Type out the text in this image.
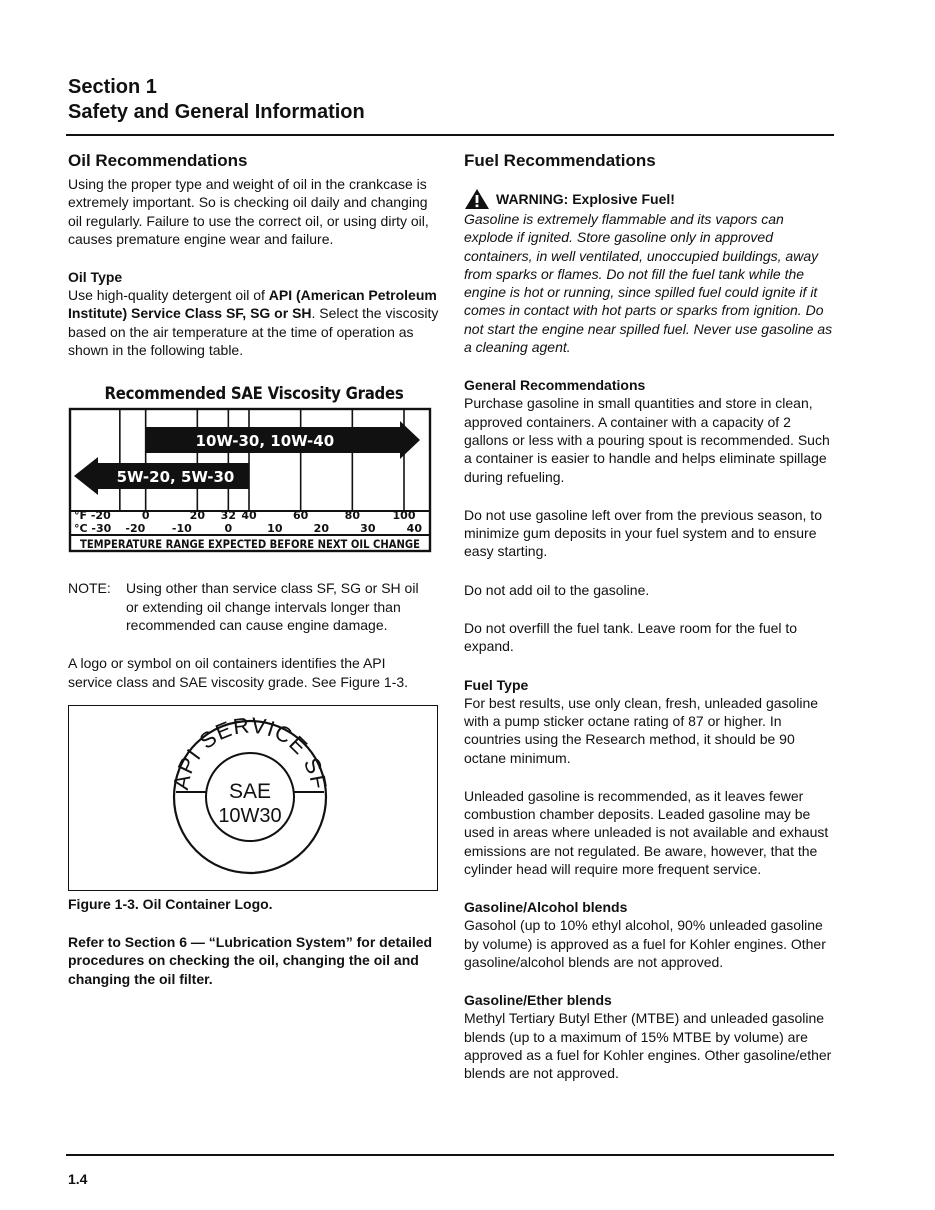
Section 1
Safety and General Information
Oil Recommendations

Using the proper type and weight of oil in the crankcase is extremely important. So is checking oil daily and changing oil regularly. Failure to use the correct oil, or using dirty oil, causes premature engine wear and failure.

Oil Type

Use high-quality detergent oil of API (American Petroleum Institute) Service Class SF, SG or SH. Select the viscosity based on the air temperature at the time of operation as shown in the following table.

Recommended SAE Viscosity Grades
10W-30, 10W-40
5W-20, 5W-30
°F -20	0	20 32 40	60	80	100
°C -30 -20 -10	0	10	20	30	40
TEMPERATURE RANGE EXPECTED BEFORE NEXT OIL CHANGE
NOTE:	Using other than service class SF, SG or SH oil or extending oil change intervals longer than recommended can cause engine damage.

A logo or symbol on oil containers identifies the API service class and SAE viscosity grade. See Figure 1-3.

API SERVICE SF
SAE
10W30

Figure 1-3. Oil Container Logo.

Refer to Section 6 — “Lubrication System” for detailed procedures on checking the oil, changing the oil and changing the oil filter.

Fuel Recommendations
WARNING: Explosive Fuel!

Gasoline is extremely flammable and its vapors can explode if ignited. Store gasoline only in approved containers, in well ventilated, unoccupied buildings, away from sparks or flames. Do not fill the fuel tank while the engine is hot or running, since spilled fuel could ignite if it comes in contact with hot parts or sparks from ignition. Do not start the engine near spilled fuel. Never use gasoline as a cleaning agent.

General Recommendations

Purchase gasoline in small quantities and store in clean, approved containers. A container with a capacity of 2 gallons or less with a pouring spout is recommended. Such a container is easier to handle and helps eliminate spillage during refueling.

Do not use gasoline left over from the previous season, to minimize gum deposits in your fuel system and to ensure easy starting.

Do not add oil to the gasoline.

Do not overfill the fuel tank. Leave room for the fuel to expand.

Fuel Type

For best results, use only clean, fresh, unleaded gasoline with a pump sticker octane rating of 87 or higher. In countries using the Research method, it should be 90 octane minimum.

Unleaded gasoline is recommended, as it leaves fewer combustion chamber deposits. Leaded gasoline may be used in areas where unleaded is not available and exhaust emissions are not regulated. Be aware, however, that the cylinder head will require more frequent service.

Gasoline/Alcohol blends

Gasohol (up to 10% ethyl alcohol, 90% unleaded gasoline by volume) is approved as a fuel for Kohler engines. Other gasoline/alcohol blends are not approved.

Gasoline/Ether blends

Methyl Tertiary Butyl Ether (MTBE) and unleaded gasoline blends (up to a maximum of 15% MTBE by volume) are approved as a fuel for Kohler engines. Other gasoline/ether blends are not approved.

1.4
